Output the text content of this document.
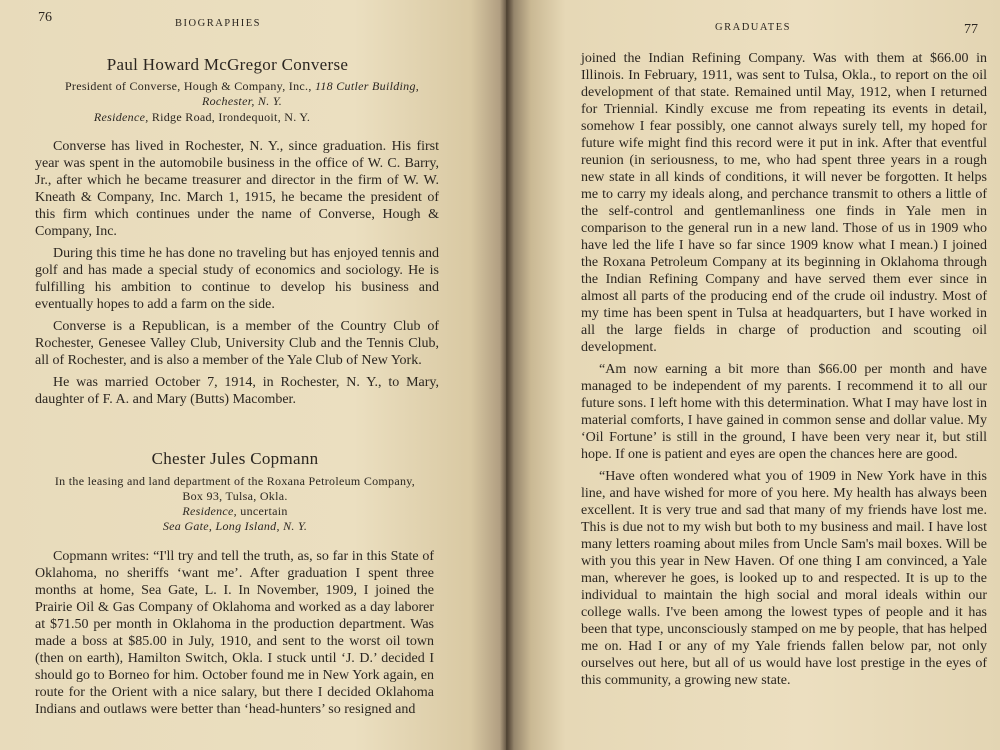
76	BIOGRAPHIES
Paul Howard McGregor Converse
President of Converse, Hough & Company, Inc., 118 Cutler Building,
Rochester, N. Y.
Residence, Ridge Road, Irondequoit, N. Y.

Converse has lived in Rochester, N. Y., since graduation. His first year was spent in the automobile business in the office of W. C. Barry, Jr., after which he became treasurer and director in the firm of W. W. Kneath & Company, Inc. March 1, 1915, he became the president of this firm which continues under the name of Converse, Hough & Company, Inc.

During this time he has done no traveling but has enjoyed tennis and golf and has made a special study of economics and sociology. He is fulfilling his ambition to continue to develop his business and eventually hopes to add a farm on the side.

Converse is a Republican, is a member of the Country Club of Rochester, Genesee Valley Club, University Club and the Tennis Club, all of Rochester, and is also a member of the Yale Club of New York.

He was married October 7, 1914, in Rochester, N. Y., to Mary, daughter of F. A. and Mary (Butts) Macomber.

Chester Jules Copmann
In the leasing and land department of the Roxana Petroleum Company,
Box 93, Tulsa, Okla.
Residence, uncertain
Sea Gate, Long Island, N. Y.

Copmann writes: “I'll try and tell the truth, as, so far in this State of Oklahoma, no sheriffs ‘want me’. After graduation I spent three months at home, Sea Gate, L. I. In November, 1909, I joined the Prairie Oil & Gas Company of Oklahoma and worked as a day laborer at $71.50 per month in Oklahoma in the production department. Was made a boss at $85.00 in July, 1910, and sent to the worst oil town (then on earth), Hamilton Switch, Okla. I stuck until ‘J. D.’ decided I should go to Borneo for him. October found me in New York again, en route for the Orient with a nice salary, but there I decided Oklahoma Indians and outlaws were better than ‘head-hunters’ so resigned and

GRADUATES	77

joined the Indian Refining Company. Was with them at $66.00 in Illinois. In February, 1911, was sent to Tulsa, Okla., to report on the oil development of that state. Remained until May, 1912, when I returned for Triennial. Kindly excuse me from repeating its events in detail, somehow I fear possibly, one cannot always surely tell, my hoped for future wife might find this record were it put in ink. After that eventful reunion (in seriousness, to me, who had spent three years in a rough new state in all kinds of conditions, it will never be forgotten. It helps me to carry my ideals along, and perchance transmit to others a little of the self-control and gentlemanliness one finds in Yale men in comparison to the general run in a new land. Those of us in 1909 who have led the life I have so far since 1909 know what I mean.) I joined the Roxana Petroleum Company at its beginning in Oklahoma through the Indian Refining Company and have served them ever since in almost all parts of the producing end of the crude oil industry. Most of my time has been spent in Tulsa at headquarters, but I have worked in all the large fields in charge of production and scouting oil development.

“Am now earning a bit more than $66.00 per month and have managed to be independent of my parents. I recommend it to all our future sons. I left home with this determination. What I may have lost in material comforts, I have gained in common sense and dollar value. My ‘Oil Fortune’ is still in the ground, I have been very near it, but still hope. If one is patient and eyes are open the chances here are good.

“Have often wondered what you of 1909 in New York have in this line, and have wished for more of you here. My health has always been excellent. It is very true and sad that many of my friends have lost me. This is due not to my wish but both to my business and mail. I have lost many letters roaming about miles from Uncle Sam's mail boxes. Will be with you this year in New Haven. Of one thing I am convinced, a Yale man, wherever he goes, is looked up to and respected. It is up to the individual to maintain the high social and moral ideals within our college walls. I've been among the lowest types of people and it has been that type, unconsciously stamped on me by people, that has helped me on. Had I or any of my Yale friends fallen below par, not only ourselves out here, but all of us would have lost prestige in the eyes of this community, a growing new state.
